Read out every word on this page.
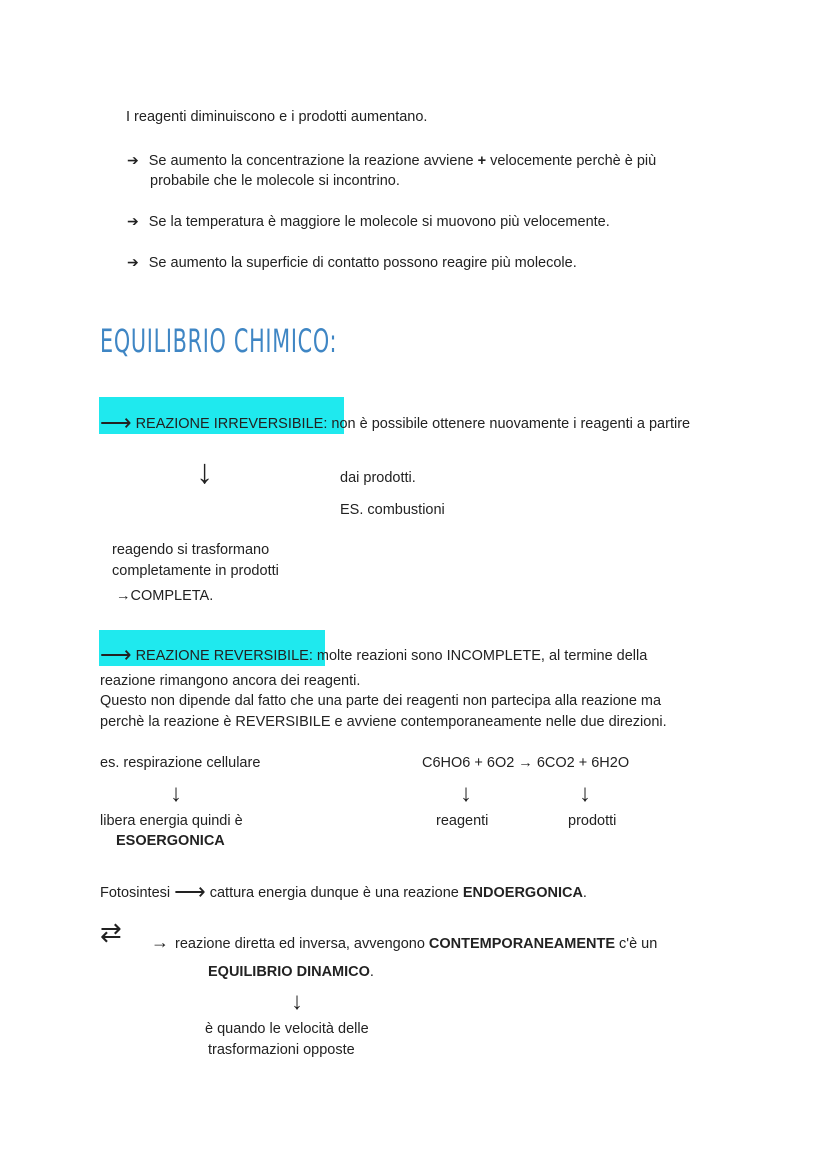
I reagenti diminuiscono e i prodotti aumentano.
➔ Se aumento la concentrazione la reazione avviene + velocemente perchè è più
probabile che le molecole si incontrino.
➔ Se la temperatura è maggiore le molecole si muovono più velocemente.
➔ Se aumento la superficie di contatto possono reagire più molecole.
EQUILIBRIO CHIMICO:
⟶ REAZIONE IRREVERSIBILE: non è possibile ottenere nuovamente i reagenti a partire
↓	dai prodotti.
ES. combustioni
reagendo si trasformano
completamente in prodotti
→COMPLETA.
⟶ REAZIONE REVERSIBILE: molte reazioni sono INCOMPLETE, al termine della
reazione rimangono ancora dei reagenti.
Questo non dipende dal fatto che una parte dei reagenti non partecipa alla reazione ma
perchè la reazione è REVERSIBILE e avviene contemporaneamente nelle due direzioni.
es. respirazione cellulare	C6HO6 + 6O2 → 6CO2 + 6H2O
↓	↓	↓
libera energia quindi è
ESOERGONICA
reagenti	prodotti
Fotosintesi ⟶ cattura energia dunque è una reazione ENDOERGONICA.
⇄ → reazione diretta ed inversa, avvengono CONTEMPORANEAMENTE c'è un
EQUILIBRIO DINAMICO.
↓
è quando le velocità delle
trasformazioni opposte
